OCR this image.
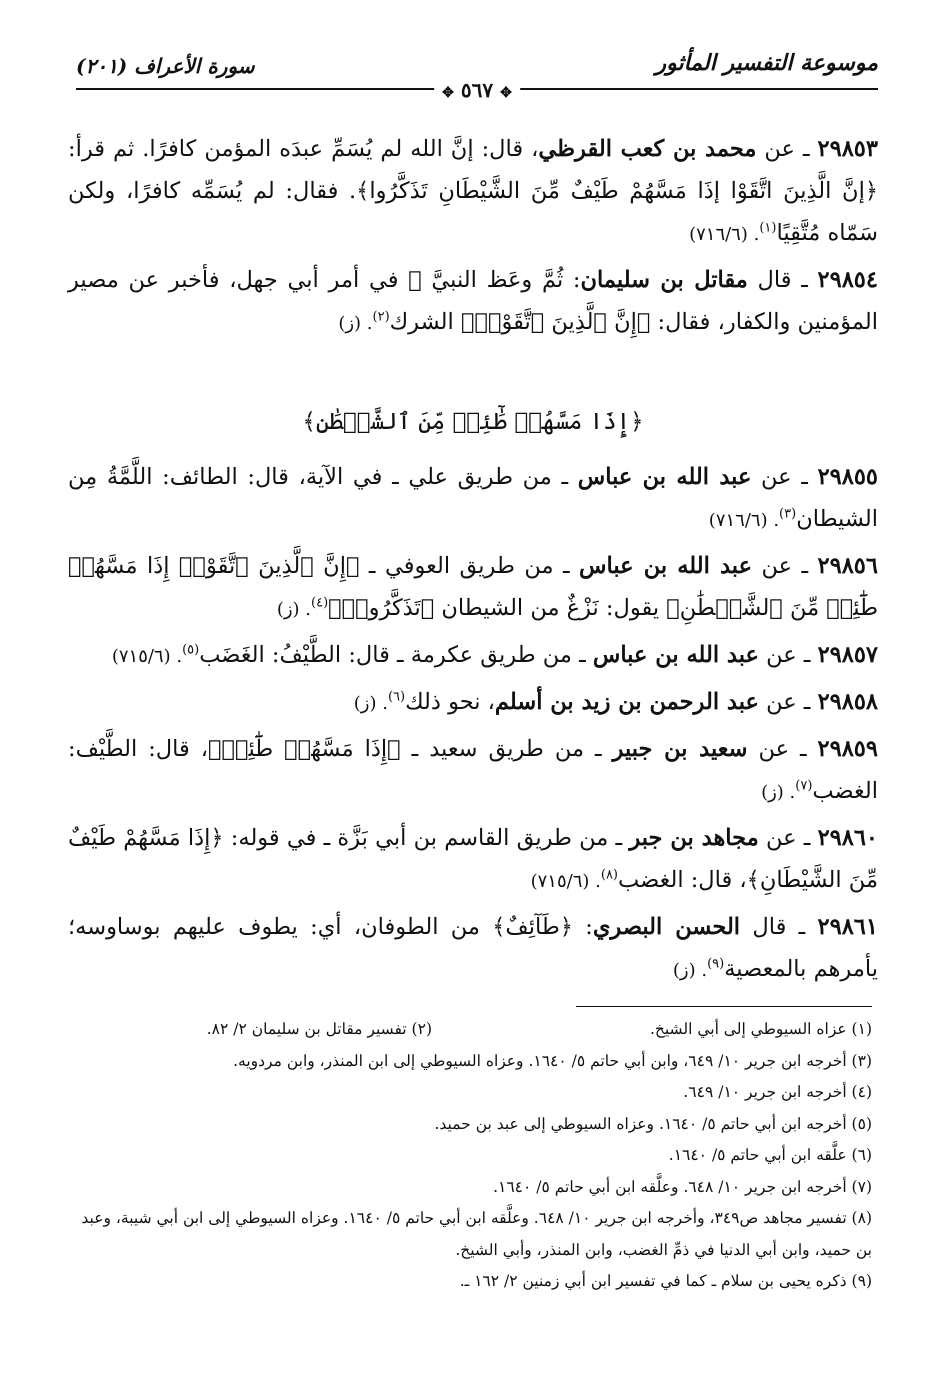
موسوعة التفسير المأثور
سورة الأعراف (٢٠١)
✥ ٥٦٧ ✥

٢٩٨٥٣ ـ عن محمد بن كعب القرظي، قال: إنَّ الله لم يُسَمِّ عبدَه المؤمن كافرًا. ثم قرأ: ﴿إنَّ الَّذِينَ اتَّقَوْا إذَا مَسَّهُمْ طَيْفٌ مِّنَ الشَّيْطَانِ تَذَكَّرُوا﴾. فقال: لم يُسَمِّه كافرًا، ولكن سَمّاه مُتَّقِيًا$^{(١)}$. (٧١٦/٦)

٢٩٨٥٤ ـ قال مقاتل بن سليمان: ثُمَّ وعَظ النبيَّ ﷺ في أمر أبي جهل، فأخبر عن مصير المؤمنين والكفار، فقال: ﴿إِنَّ ٱلَّذِينَ ٱتَّقَوْا۟﴾ الشرك$^{(٢)}$. (ز)

﴿إِذَا مَسَّهُمۡ طَٰٓئِفٞ مِّنَ ٱلشَّيۡطَٰنِ﴾

٢٩٨٥٥ ـ عن عبد الله بن عباس ـ من طريق علي ـ في الآية، قال: الطائف: اللَّمَّةُ مِن الشيطان$^{(٣)}$. (٧١٦/٦)

٢٩٨٥٦ ـ عن عبد الله بن عباس ـ من طريق العوفي ـ ﴿إِنَّ ٱلَّذِينَ ٱتَّقَوْا۟ إِذَا مَسَّهُمۡ طَٰٓئِفٞ مِّنَ ٱلشَّيۡطَٰنِ﴾ يقول: نَزْغٌ من الشيطان ﴿تَذَكَّرُوا۟﴾$^{(٤)}$. (ز)

٢٩٨٥٧ ـ عن عبد الله بن عباس ـ من طريق عكرمة ـ قال: الطَّيْفُ: الغَضَب$^{(٥)}$. (٧١٥/٦)

٢٩٨٥٨ ـ عن عبد الرحمن بن زيد بن أسلم، نحو ذلك$^{(٦)}$. (ز)

٢٩٨٥٩ ـ عن سعيد بن جبير ـ من طريق سعيد ـ ﴿إِذَا مَسَّهُمۡ طَٰٓئِفٞ﴾، قال: الطَّيْف: الغضب$^{(٧)}$. (ز)

٢٩٨٦٠ ـ عن مجاهد بن جبر ـ من طريق القاسم بن أبي بَزَّة ـ في قوله: ﴿إِذَا مَسَّهُمْ طَيْفٌ مِّنَ الشَّيْطَانِ﴾، قال: الغضب$^{(٨)}$. (٧١٥/٦)

٢٩٨٦١ ـ قال الحسن البصري: ﴿طَآئِفٌ﴾ من الطوفان، أي: يطوف عليهم بوساوسه؛ يأمرهم بالمعصية$^{(٩)}$. (ز)

(١) عزاه السيوطي إلى أبي الشيخ.

(٢) تفسير مقاتل بن سليمان ٢/ ٨٢.

(٣) أخرجه ابن جرير ١٠/ ٦٤٩، وابن أبي حاتم ٥/ ١٦٤٠. وعزاه السيوطي إلى ابن المنذر، وابن مردويه.

(٤) أخرجه ابن جرير ١٠/ ٦٤٩.

(٥) أخرجه ابن أبي حاتم ٥/ ١٦٤٠. وعزاه السيوطي إلى عبد بن حميد.

(٦) علَّقه ابن أبي حاتم ٥/ ١٦٤٠.

(٧) أخرجه ابن جرير ١٠/ ٦٤٨. وعلَّقه ابن أبي حاتم ٥/ ١٦٤٠.

(٨) تفسير مجاهد ص٣٤٩، وأخرجه ابن جرير ١٠/ ٦٤٨. وعلَّقه ابن أبي حاتم ٥/ ١٦٤٠. وعزاه السيوطي إلى ابن أبي شيبة، وعبد بن حميد، وابن أبي الدنيا في ذمِّ الغضب، وابن المنذر، وأبي الشيخ.

(٩) ذكره يحيى بن سلام ـ كما في تفسير ابن أبي زمنين ٢/ ١٦٢ ـ.
